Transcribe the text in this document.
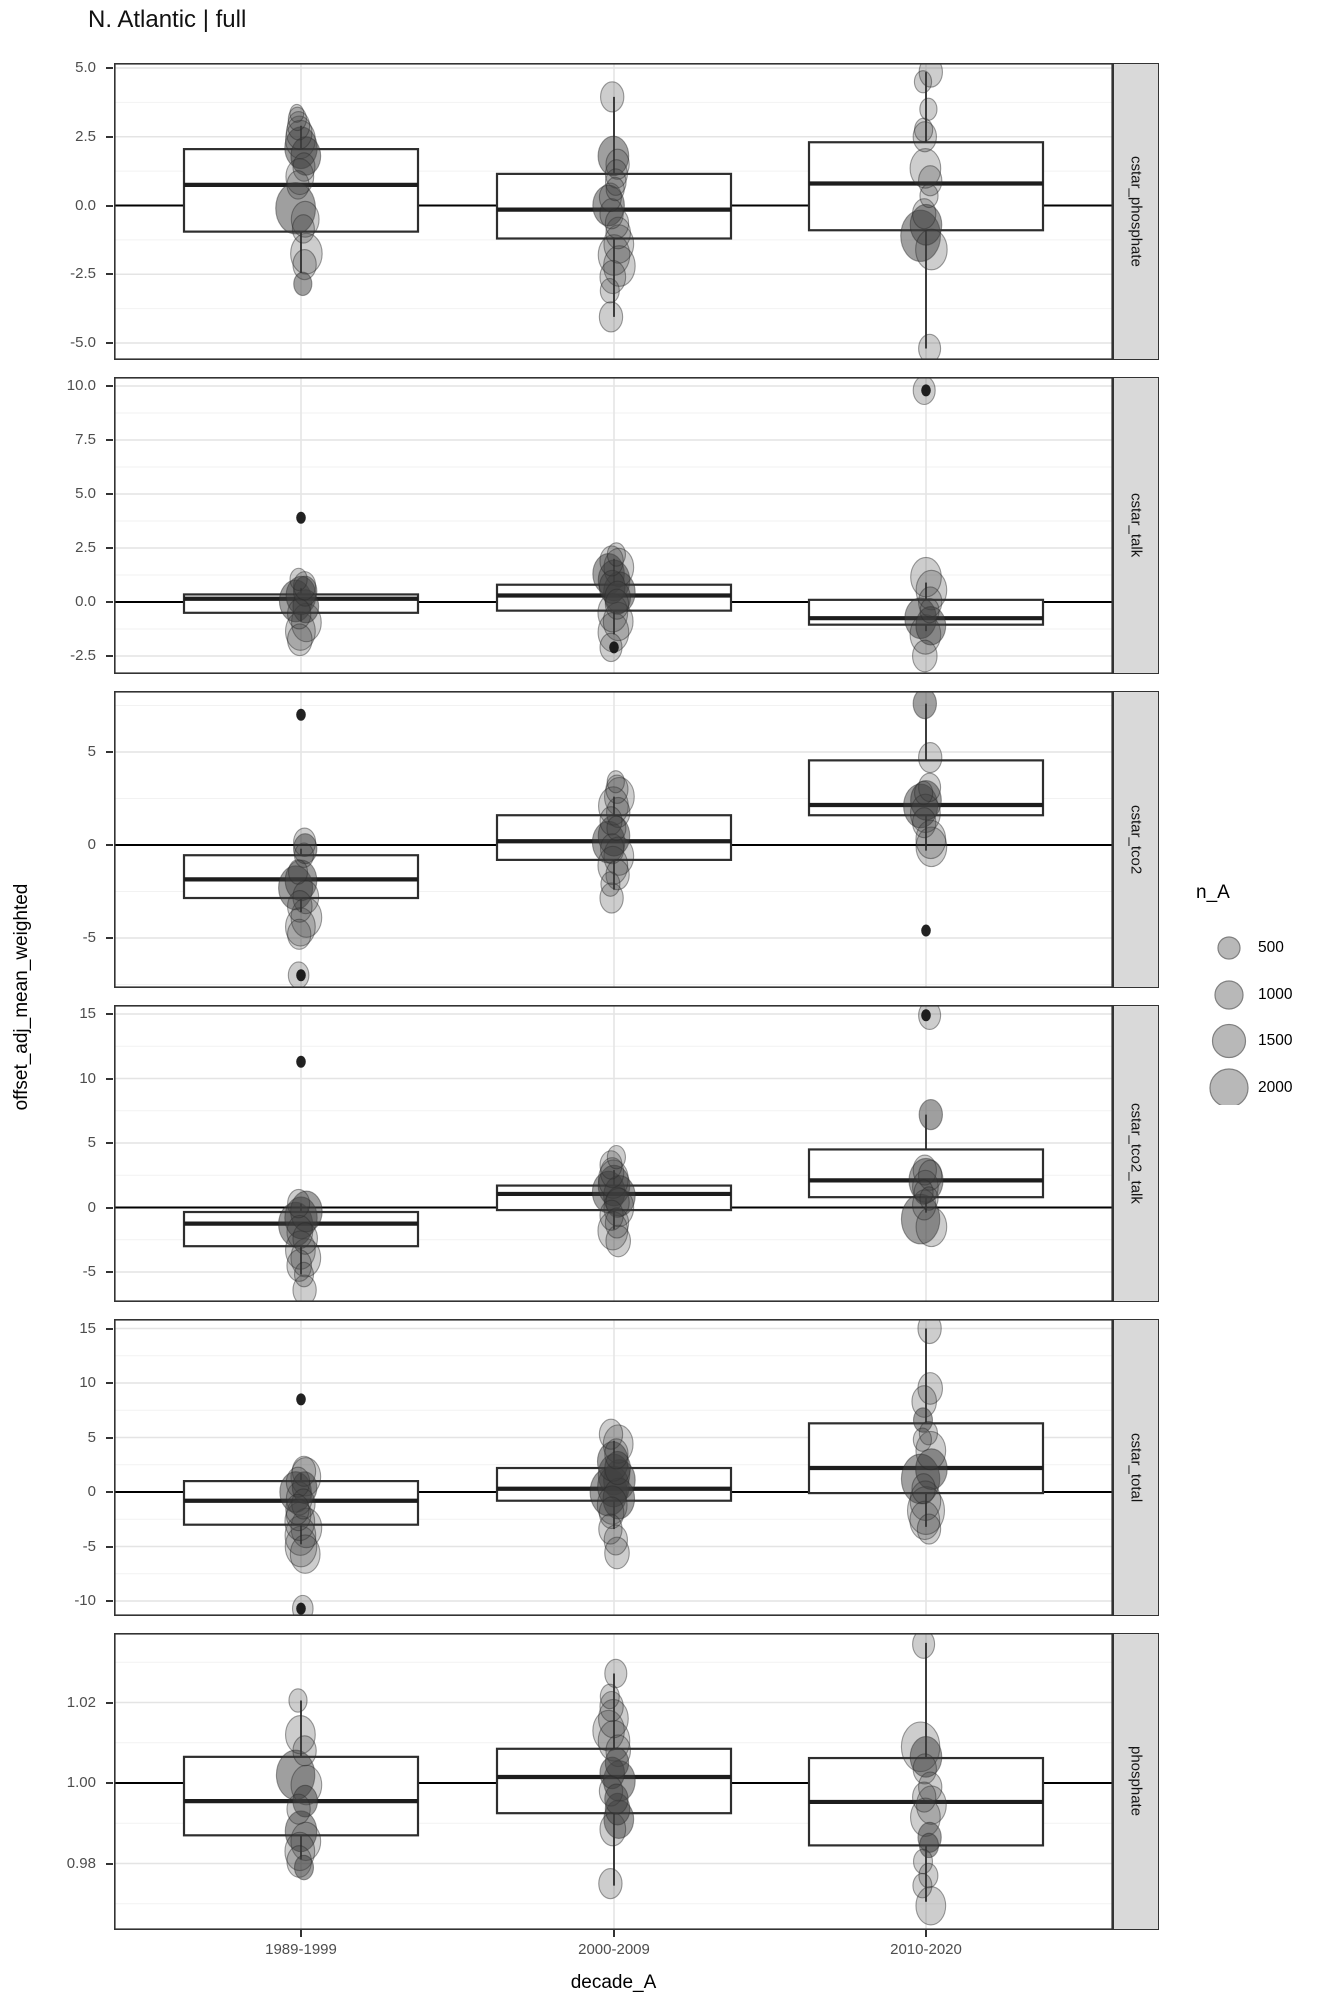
N. Atlantic | full
offset_adj_mean_weighted
decade_A
cstar_phosphate
5.0
2.5
0.0
-2.5
-5.0
cstar_talk
10.0
7.5
5.0
2.5
0.0
-2.5
cstar_tco2
5
0
-5
cstar_tco2_talk
15
10
5
0
-5
cstar_total
15
10
5
0
-5
-10
phosphate
1.02
1.00
0.98
1989-1999	2000-2009	2010-2020
n_A
500
1000
1500
2000
